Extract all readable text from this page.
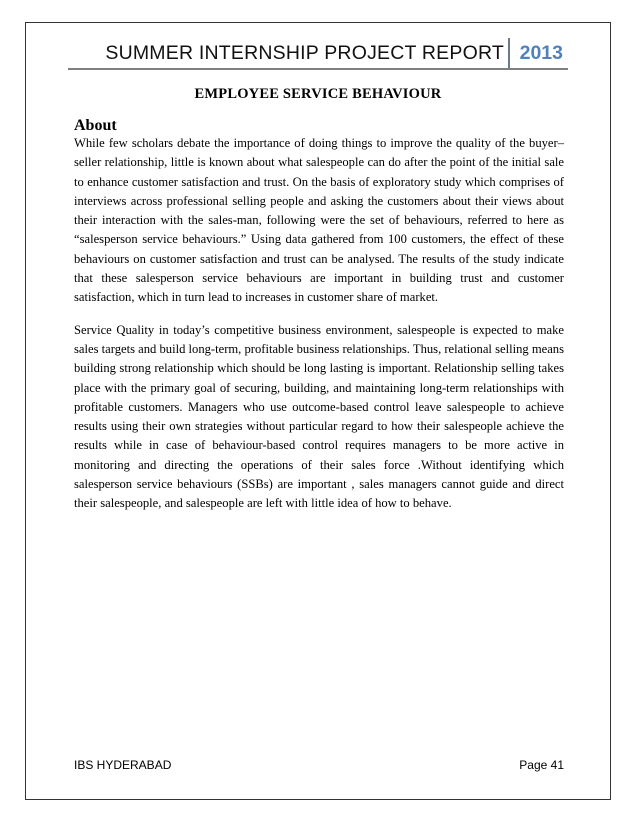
SUMMER INTERNSHIP PROJECT REPORT 2013
EMPLOYEE SERVICE BEHAVIOUR
About

While few scholars debate the importance of doing things to improve the quality of the buyer–seller relationship, little is known about what salespeople can do after the point of the initial sale to enhance customer satisfaction and trust. On the basis of exploratory study which comprises of interviews across professional selling people and asking the customers about their views about their interaction with the sales-man, following were the set of behaviours, referred to here as “salesperson service behaviours.” Using data gathered from 100 customers, the effect of these behaviours on customer satisfaction and trust can be analysed. The results of the study indicate that these salesperson service behaviours are important in building trust and customer satisfaction, which in turn lead to increases in customer share of market.

Service Quality in today’s competitive business environment, salespeople is expected to make sales targets and build long-term, profitable business relationships. Thus, relational selling means building strong relationship which should be long lasting is important. Relationship selling takes place with the primary goal of securing, building, and maintaining long-term relationships with profitable customers. Managers who use outcome-based control leave salespeople to achieve results using their own strategies without particular regard to how their salespeople achieve the results while in case of behaviour-based control requires managers to be more active in monitoring and directing the operations of their sales force .Without identifying which salesperson service behaviours (SSBs) are important , sales managers cannot guide and direct their salespeople, and salespeople are left with little idea of how to behave.

IBS HYDERABAD	Page 41
